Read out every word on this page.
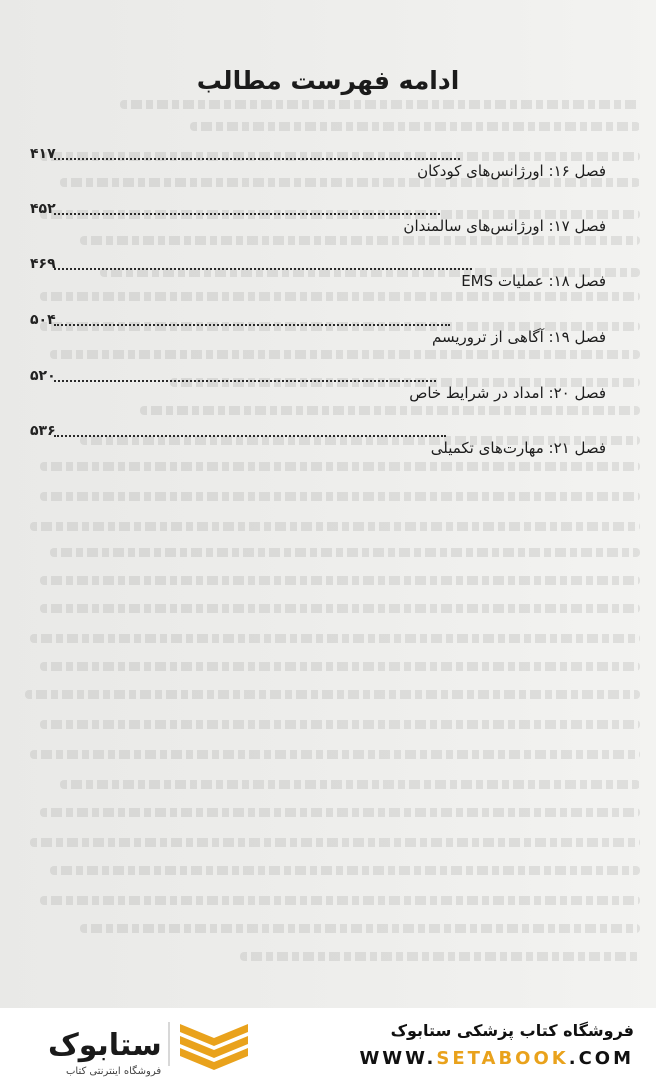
ادامه فهرست مطالب
فصل ۱۶: اورژانس‌های کودکان
۴۱۷
فصل ۱۷: اورژانس‌های سالمندان
۴۵۲
فصل ۱۸: عملیات EMS
۴۶۹
فصل ۱۹: آگاهی از تروریسم
۵۰۴
فصل ۲۰: امداد در شرایط خاص
۵۲۰
فصل ۲۱: مهارت‌های تکمیلی
۵۳۶
ستابوک
فروشگاه اینترنتی کتاب
فروشگاه کتاب پزشکی ستابوک
WWW.SETABOOK.COM
